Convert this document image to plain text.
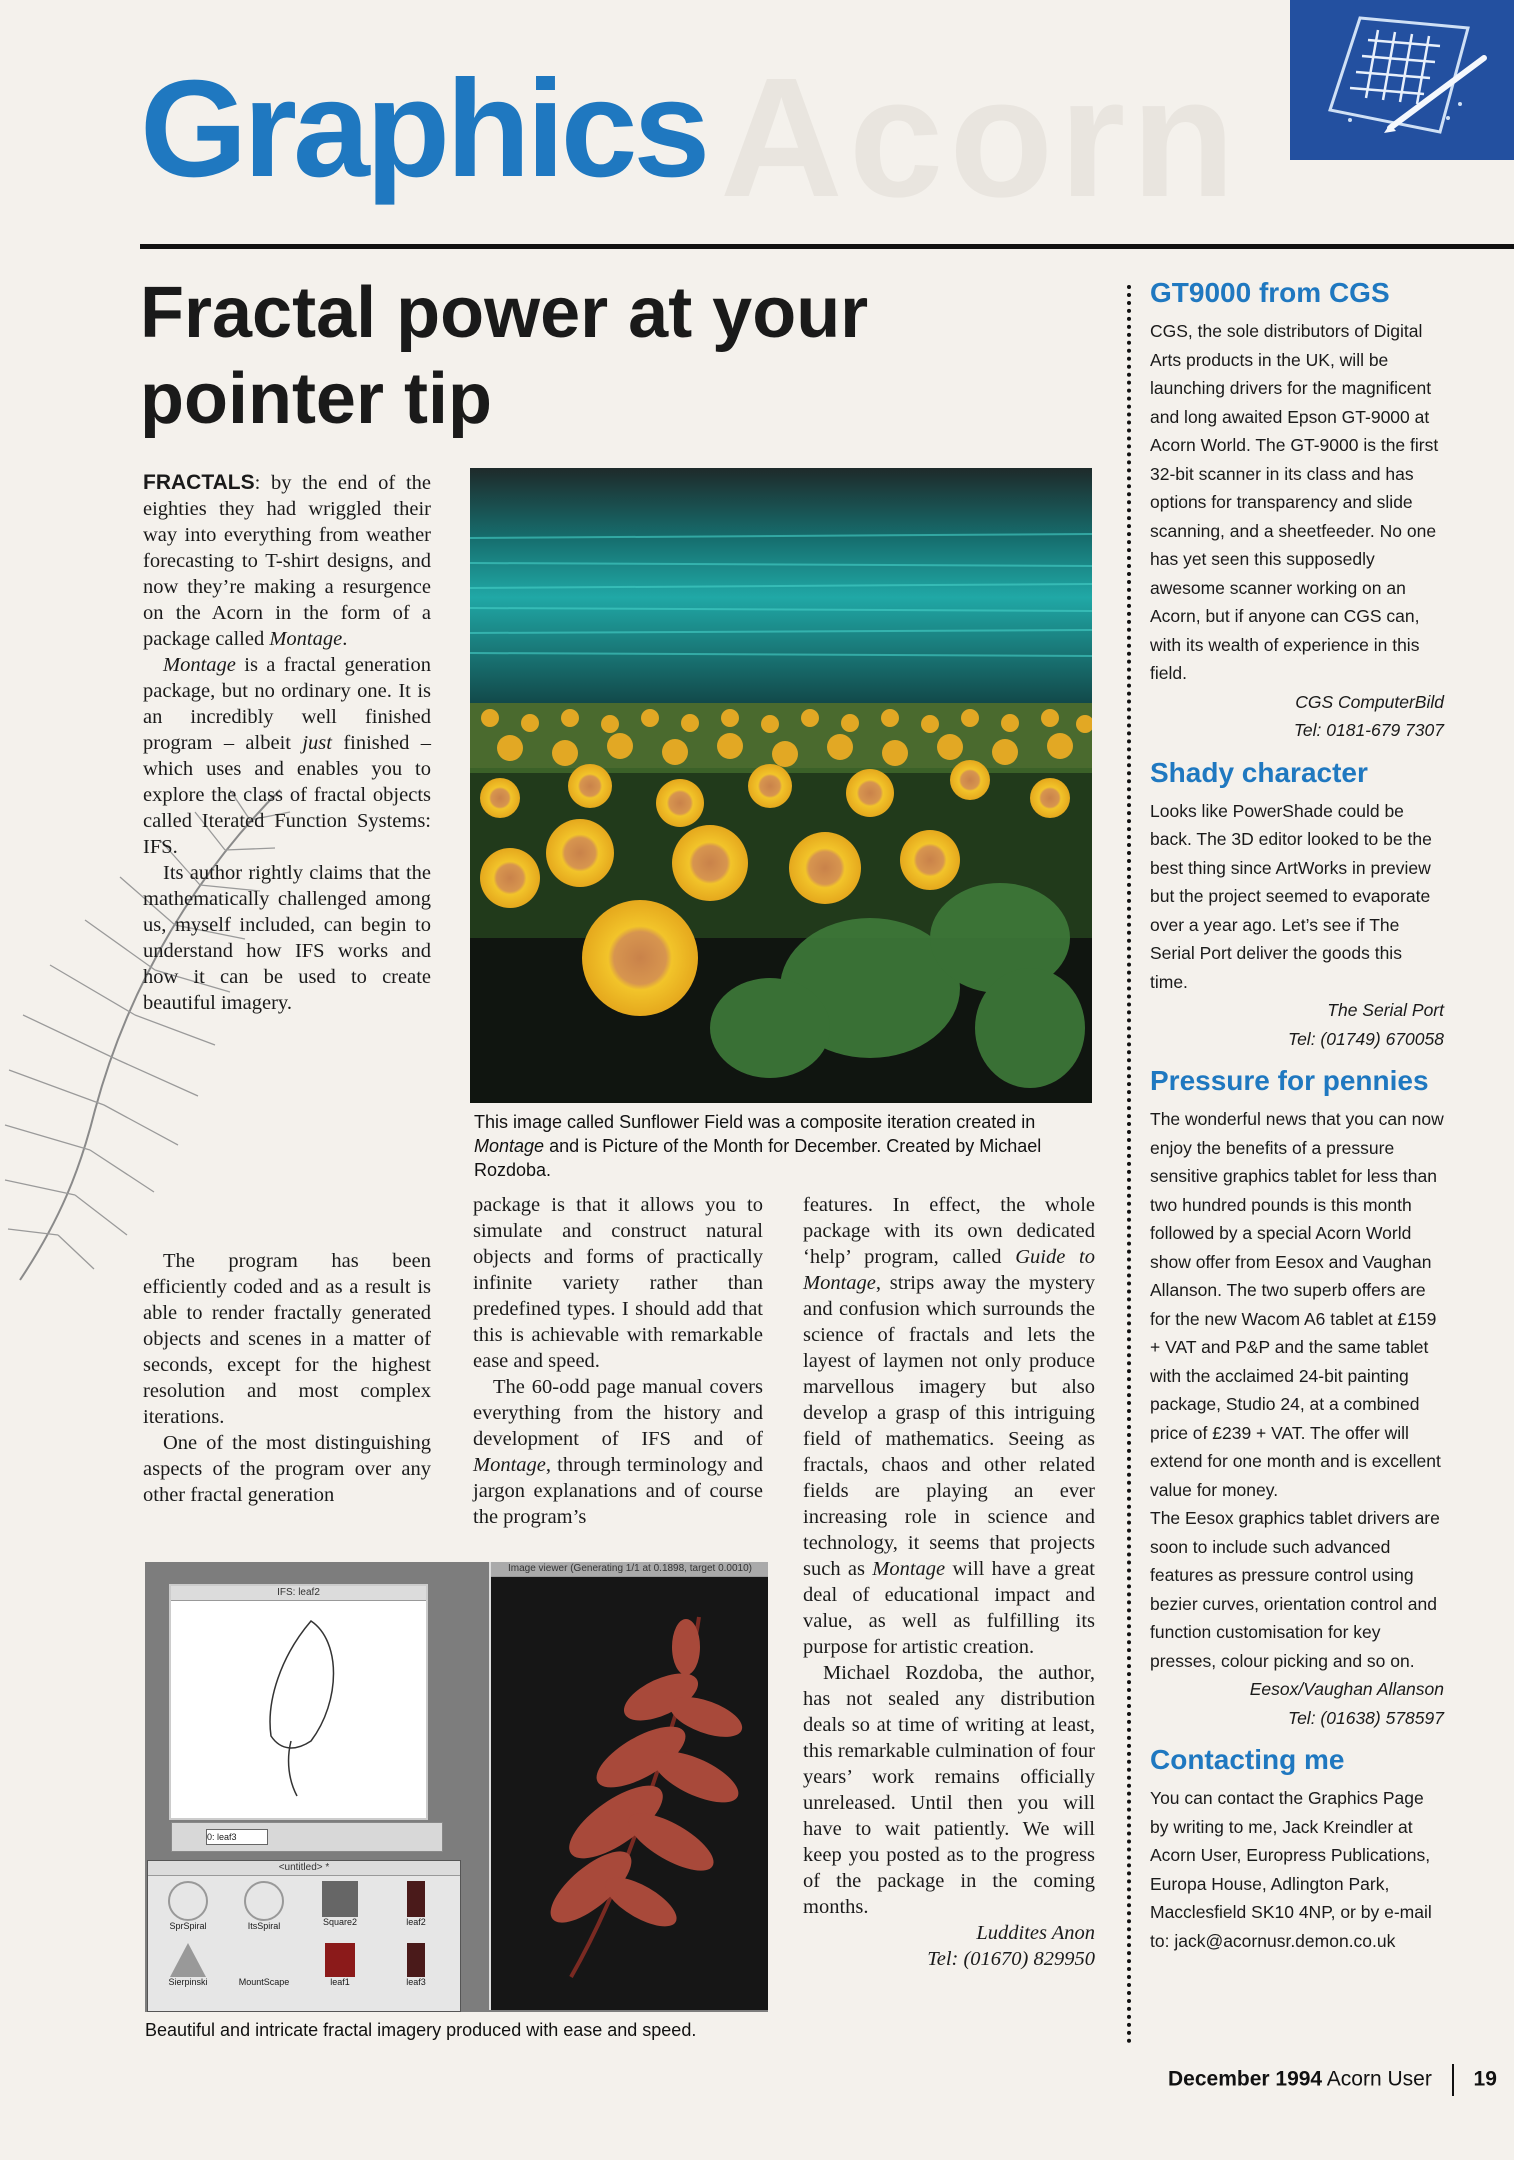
Acorn
Graphics
Fractal power at your pointer tip

FRACTALS: by the end of the eighties they had wriggled their way into everything from weather forecasting to T-shirt designs, and now they’re making a resurgence on the Acorn in the form of a package called Montage.

Montage is a fractal generation package, but no ordinary one. It is an incredibly well finished program – albeit just finished – which uses and enables you to explore the class of fractal objects called Iterated Function Systems: IFS.

Its author rightly claims that the mathematically challenged among us, myself included, can begin to understand how IFS works and how it can be used to create beautiful imagery.

The program has been efficiently coded and as a result is able to render fractally generated objects and scenes in a matter of seconds, except for the highest resolution and most complex iterations.

One of the most distinguishing aspects of the program over any other fractal generation

This image called Sunflower Field was a composite iteration created in Montage and is Picture of the Month for December. Created by Michael Rozdoba.

package is that it allows you to simulate and construct natural objects and forms of practically infinite variety rather than predefined types. I should add that this is achievable with remarkable ease and speed.

The 60-odd page manual covers everything from the history and development of IFS and of Montage, through terminology and jargon explanations and of course the program’s

features. In effect, the whole package with its own dedicated ‘help’ program, called Guide to Montage, strips away the mystery and confusion which surrounds the science of fractals and lets the layest of laymen not only produce marvellous imagery but also develop a grasp of this intriguing field of mathematics. Seeing as fractals, chaos and other related fields are playing an ever increasing role in science and technology, it seems that projects such as Montage will have a great deal of educational impact and value, as well as fulfilling its purpose for artistic creation.

Michael Rozdoba, the author, has not sealed any distribution deals so at time of writing at least, this remarkable culmination of four years’ work remains officially unreleased. Until then you will have to wait patiently. We will keep you posted as to the progress of the package in the coming months.

Luddites Anon
Tel: (01670) 829950
IFS: leaf2
0: leaf3
<untitled> *
SprSpiral	ItsSpiral	Square2	leaf2
Sierpinski	MountScape	leaf1	leaf3
Image viewer (Generating 1/1 at 0.1898, target 0.0010)
Beautiful and intricate fractal imagery produced with ease and speed.
GT9000 from CGS

CGS, the sole distributors of Digital Arts products in the UK, will be launching drivers for the magnificent and long awaited Epson GT-9000 at Acorn World. The GT-9000 is the first 32-bit scanner in its class and has options for transparency and slide scanning, and a sheetfeeder. No one has yet seen this supposedly awesome scanner working on an Acorn, but if anyone can CGS can, with its wealth of experience in this field.

CGS ComputerBild

Tel: 0181-679 7307

Shady character

Looks like PowerShade could be back. The 3D editor looked to be the best thing since ArtWorks in preview but the project seemed to evaporate over a year ago. Let’s see if The Serial Port deliver the goods this time.

The Serial Port

Tel: (01749) 670058

Pressure for pennies

The wonderful news that you can now enjoy the benefits of a pressure sensitive graphics tablet for less than two hundred pounds is this month followed by a special Acorn World show offer from Eesox and Vaughan Allanson. The two superb offers are for the new Wacom A6 tablet at £159 + VAT and P&P and the same tablet with the acclaimed 24-bit painting package, Studio 24, at a combined price of £239 + VAT. The offer will extend for one month and is excellent value for money.

The Eesox graphics tablet drivers are soon to include such advanced features as pressure control using bezier curves, orientation control and function customisation for key presses, colour picking and so on.

Eesox/Vaughan Allanson

Tel: (01638) 578597

Contacting me

You can contact the Graphics Page by writing to me, Jack Kreindler at Acorn User, Europress Publications, Europa House, Adlington Park, Macclesfield SK10 4NP, or by e-mail to: jack@acornusr.demon.co.uk

December 1994 Acorn User 19
